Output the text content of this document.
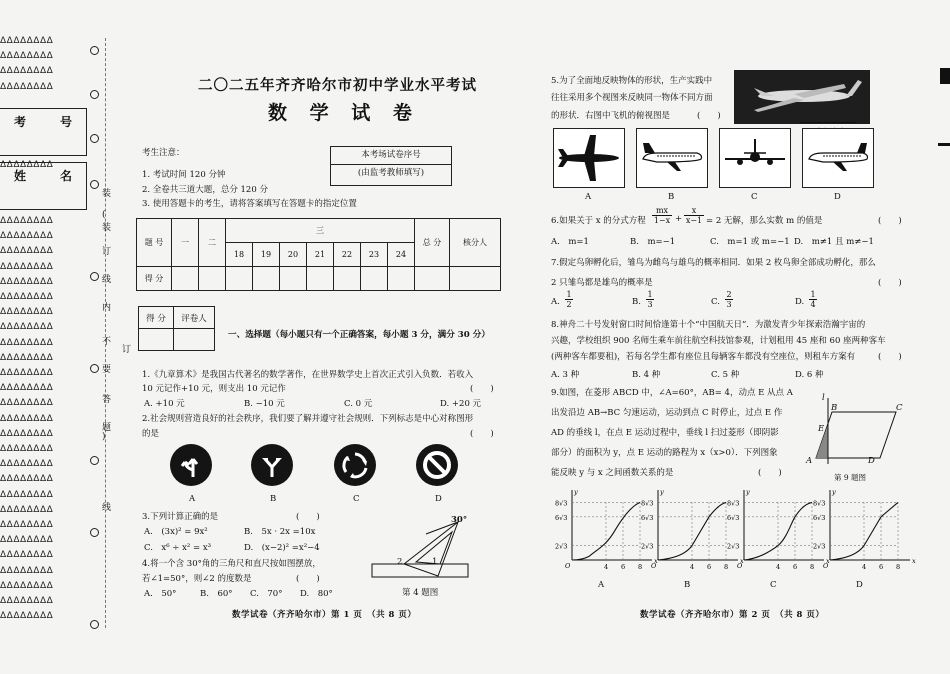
ΔΔΔΔΔΔΔΔ
ΔΔΔΔΔΔΔΔ
ΔΔΔΔΔΔΔΔ
ΔΔΔΔΔΔΔΔ
考	号
ΔΔΔΔΔΔΔΔ
姓	名
ΔΔΔΔΔΔΔΔ
ΔΔΔΔΔΔΔΔ
ΔΔΔΔΔΔΔΔ
ΔΔΔΔΔΔΔΔ
ΔΔΔΔΔΔΔΔ
ΔΔΔΔΔΔΔΔ
ΔΔΔΔΔΔΔΔ
ΔΔΔΔΔΔΔΔ
ΔΔΔΔΔΔΔΔ
ΔΔΔΔΔΔΔΔ
ΔΔΔΔΔΔΔΔ
ΔΔΔΔΔΔΔΔ
ΔΔΔΔΔΔΔΔ
ΔΔΔΔΔΔΔΔ
ΔΔΔΔΔΔΔΔ
ΔΔΔΔΔΔΔΔ
ΔΔΔΔΔΔΔΔ
ΔΔΔΔΔΔΔΔ
ΔΔΔΔΔΔΔΔ
ΔΔΔΔΔΔΔΔ
ΔΔΔΔΔΔΔΔ
ΔΔΔΔΔΔΔΔ
ΔΔΔΔΔΔΔΔ
ΔΔΔΔΔΔΔΔ
ΔΔΔΔΔΔΔΔ
ΔΔΔΔΔΔΔΔ
ΔΔΔΔΔΔΔΔ
装
(
装
订
线
内
不
要
答
题
)
订
线
二〇二五年齐齐哈尔市初中学业水平考试
数 学 试 卷
考生注意：
1. 考试时间 120 分钟
2. 全卷共三道大题，总分 120 分
3. 使用答题卡的考生，请将答案填写在答题卡的指定位置
本考场试卷序号
(由监考教师填写)
题 号	一	二	三							总 分	核分人
			18	19	20	21	22	23	24		
得 分											
得 分	评卷人

一、选择题（每小题只有一个正确答案，每小题 3 分，满分 30 分）
1.《九章算术》是我国古代著名的数学著作，在世界数学史上首次正式引入负数．若收入
10 元记作+10 元，则支出 10 元记作	(　　)
A. +10 元	B. −10 元	C. 0 元	D. +20 元
2.社会规则营造良好的社会秩序，我们要了解并遵守社会规则．下列标志是中心对称图形
的是	(　　)
A	B	C	D
3.下列计算正确的是	(　　)
A.　(3x)² = 9x²	B.　5x · 2x =10x
C.　x⁶ ÷ x² = x³	D.　(x−2)² =x²−4
4.将一个含 30°角的三角尺和直尺按如图摆放，
若∠1=50°，则∠2 的度数是	(　　)
A.　50°	B.　60° C.　70° D.　80°
30°
2	1
第 4 题图
数学试卷（齐齐哈尔市）第 1 页　（共 8 页）
5.为了全面地反映物体的形状，生产实践中
往往采用多个视图来反映同一物体不同方面
的形状．右图中飞机的俯视图是	(　　)
A	B	C	D
6.如果关于 x 的分式方程
mx
1−x +
x
x−1 = 2 无解，那么实数 m 的值是	(　　)
A.　m=1	B.　m=−1	C.　m=1 或 m=−1 D.　m≠1 且 m≠−1
7.假定鸟卵孵化后，雏鸟为雌鸟与雄鸟的概率相同．如果 2 枚鸟卵全部成功孵化，那么
2 只雏鸟都是雄鸟的概率是	(　　)
A.
1
2	B.
1
3	C.
2
3	D.
1
4
8.神舟二十号发射窗口时间恰逢第十个“中国航天日”．为激发青少年探索浩瀚宇宙的
兴趣，学校组织 900 名师生乘车前往航空科技馆参观，计划租用 45 座和 60 座两种客车
(两种客车都要租)，若每名学生都有座位且每辆客车都没有空座位，则租车方案有	(　　)
A. 3 种	B. 4 种	C. 5 种	D. 6 种
9.如图，在菱形 ABCD 中，∠A=60°，AB= 4，动点 E 从点 A
出发沿边 AB→BC 匀速运动，运动到点 C 时停止，过点 E 作
AD 的垂线 l，在点 E 运动过程中，垂线 l 扫过菱形（即阴影
部分）的面积为 y，点 E 运动的路程为 x（x>0）．下列图象
能反映 y 与 x 之间函数关系的是	(　　)
l
B	C
E
A	D
第 9 题图
2√3
6√3
8√3
4 6 8
O
x
y
2√3
6√3
8√3
4 6 8
O
x
y
2√3
6√3
8√3
4 6 8
O
x
y
2√3
6√3
8√3
4 6 8
O
x
y
A	B	C	D
数学试卷（齐齐哈尔市）第 2 页　（共 8 页）
